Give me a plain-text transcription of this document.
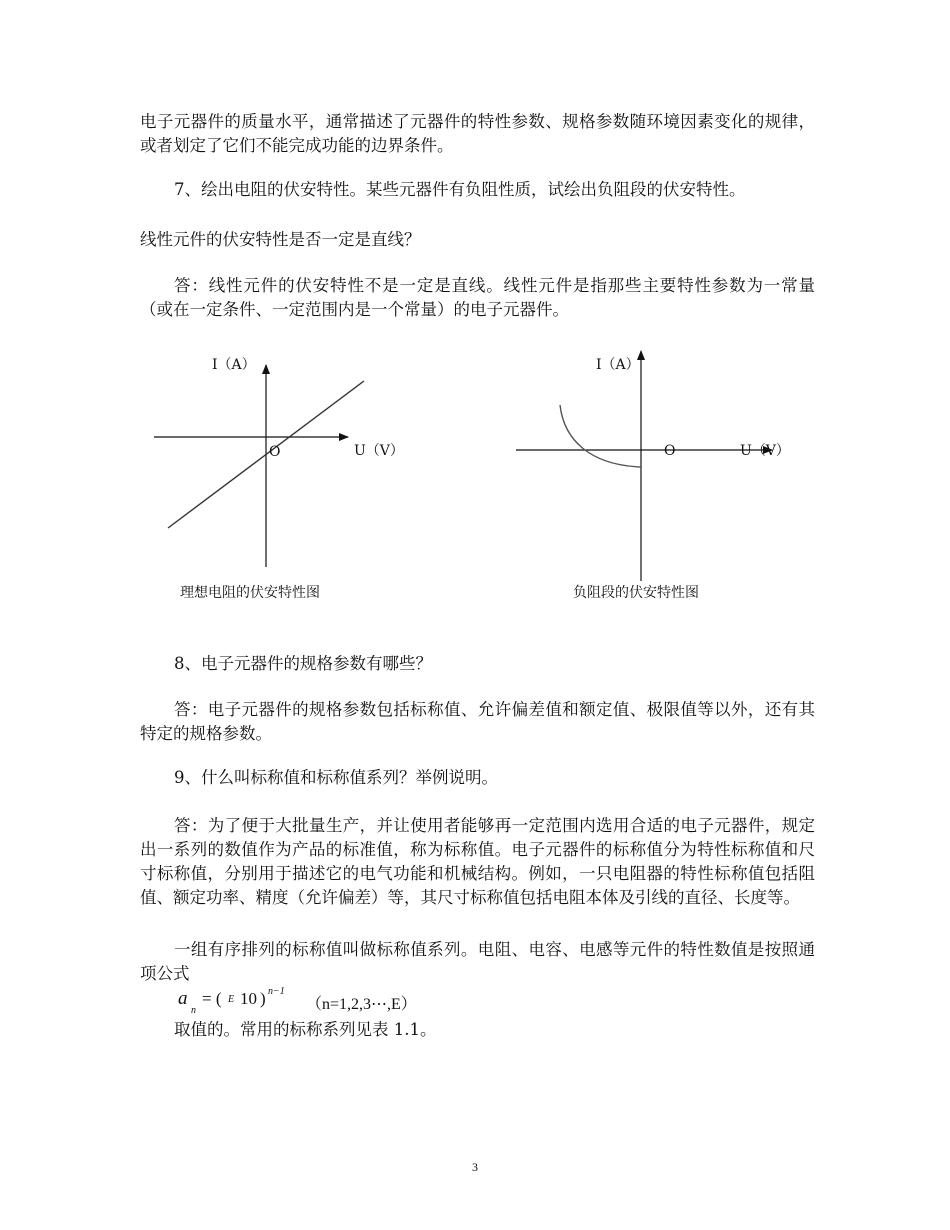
电子元器件的质量水平，通常描述了元器件的特性参数、规格参数随环境因素变化的规律，或者划定了它们不能完成功能的边界条件。

7、绘出电阻的伏安特性。某些元器件有负阻性质，试绘出负阻段的伏安特性。

线性元件的伏安特性是否一定是直线？

答：线性元件的伏安特性不是一定是直线。线性元件是指那些主要特性参数为一常量（或在一定条件、一定范围内是一个常量）的电子元器件。

I（A）
U（V）
O
理想电阻的伏安特性图
I（A）
U（V）
O
负阻段的伏安特性图

8、电子元器件的规格参数有哪些？

答：电子元器件的规格参数包括标称值、允许偏差值和额定值、极限值等以外，还有其特定的规格参数。

9、什么叫标称值和标称值系列？举例说明。

答：为了便于大批量生产，并让使用者能够再一定范围内选用合适的电子元器件，规定出一系列的数值作为产品的标准值，称为标称值。电子元器件的标称值分为特性标称值和尺寸标称值，分别用于描述它的电气功能和机械结构。例如，一只电阻器的特性标称值包括阻值、额定功率、精度（允许偏差）等，其尺寸标称值包括电阻本体及引线的直径、长度等。

一组有序排列的标称值叫做标称值系列。电阻、电容、电感等元件的特性数值是按照通项公式

a
n
= ( E 10 ) n−1
（n=1,2,3⋯,E）

取值的。常用的标称系列见表 1.1。

3
